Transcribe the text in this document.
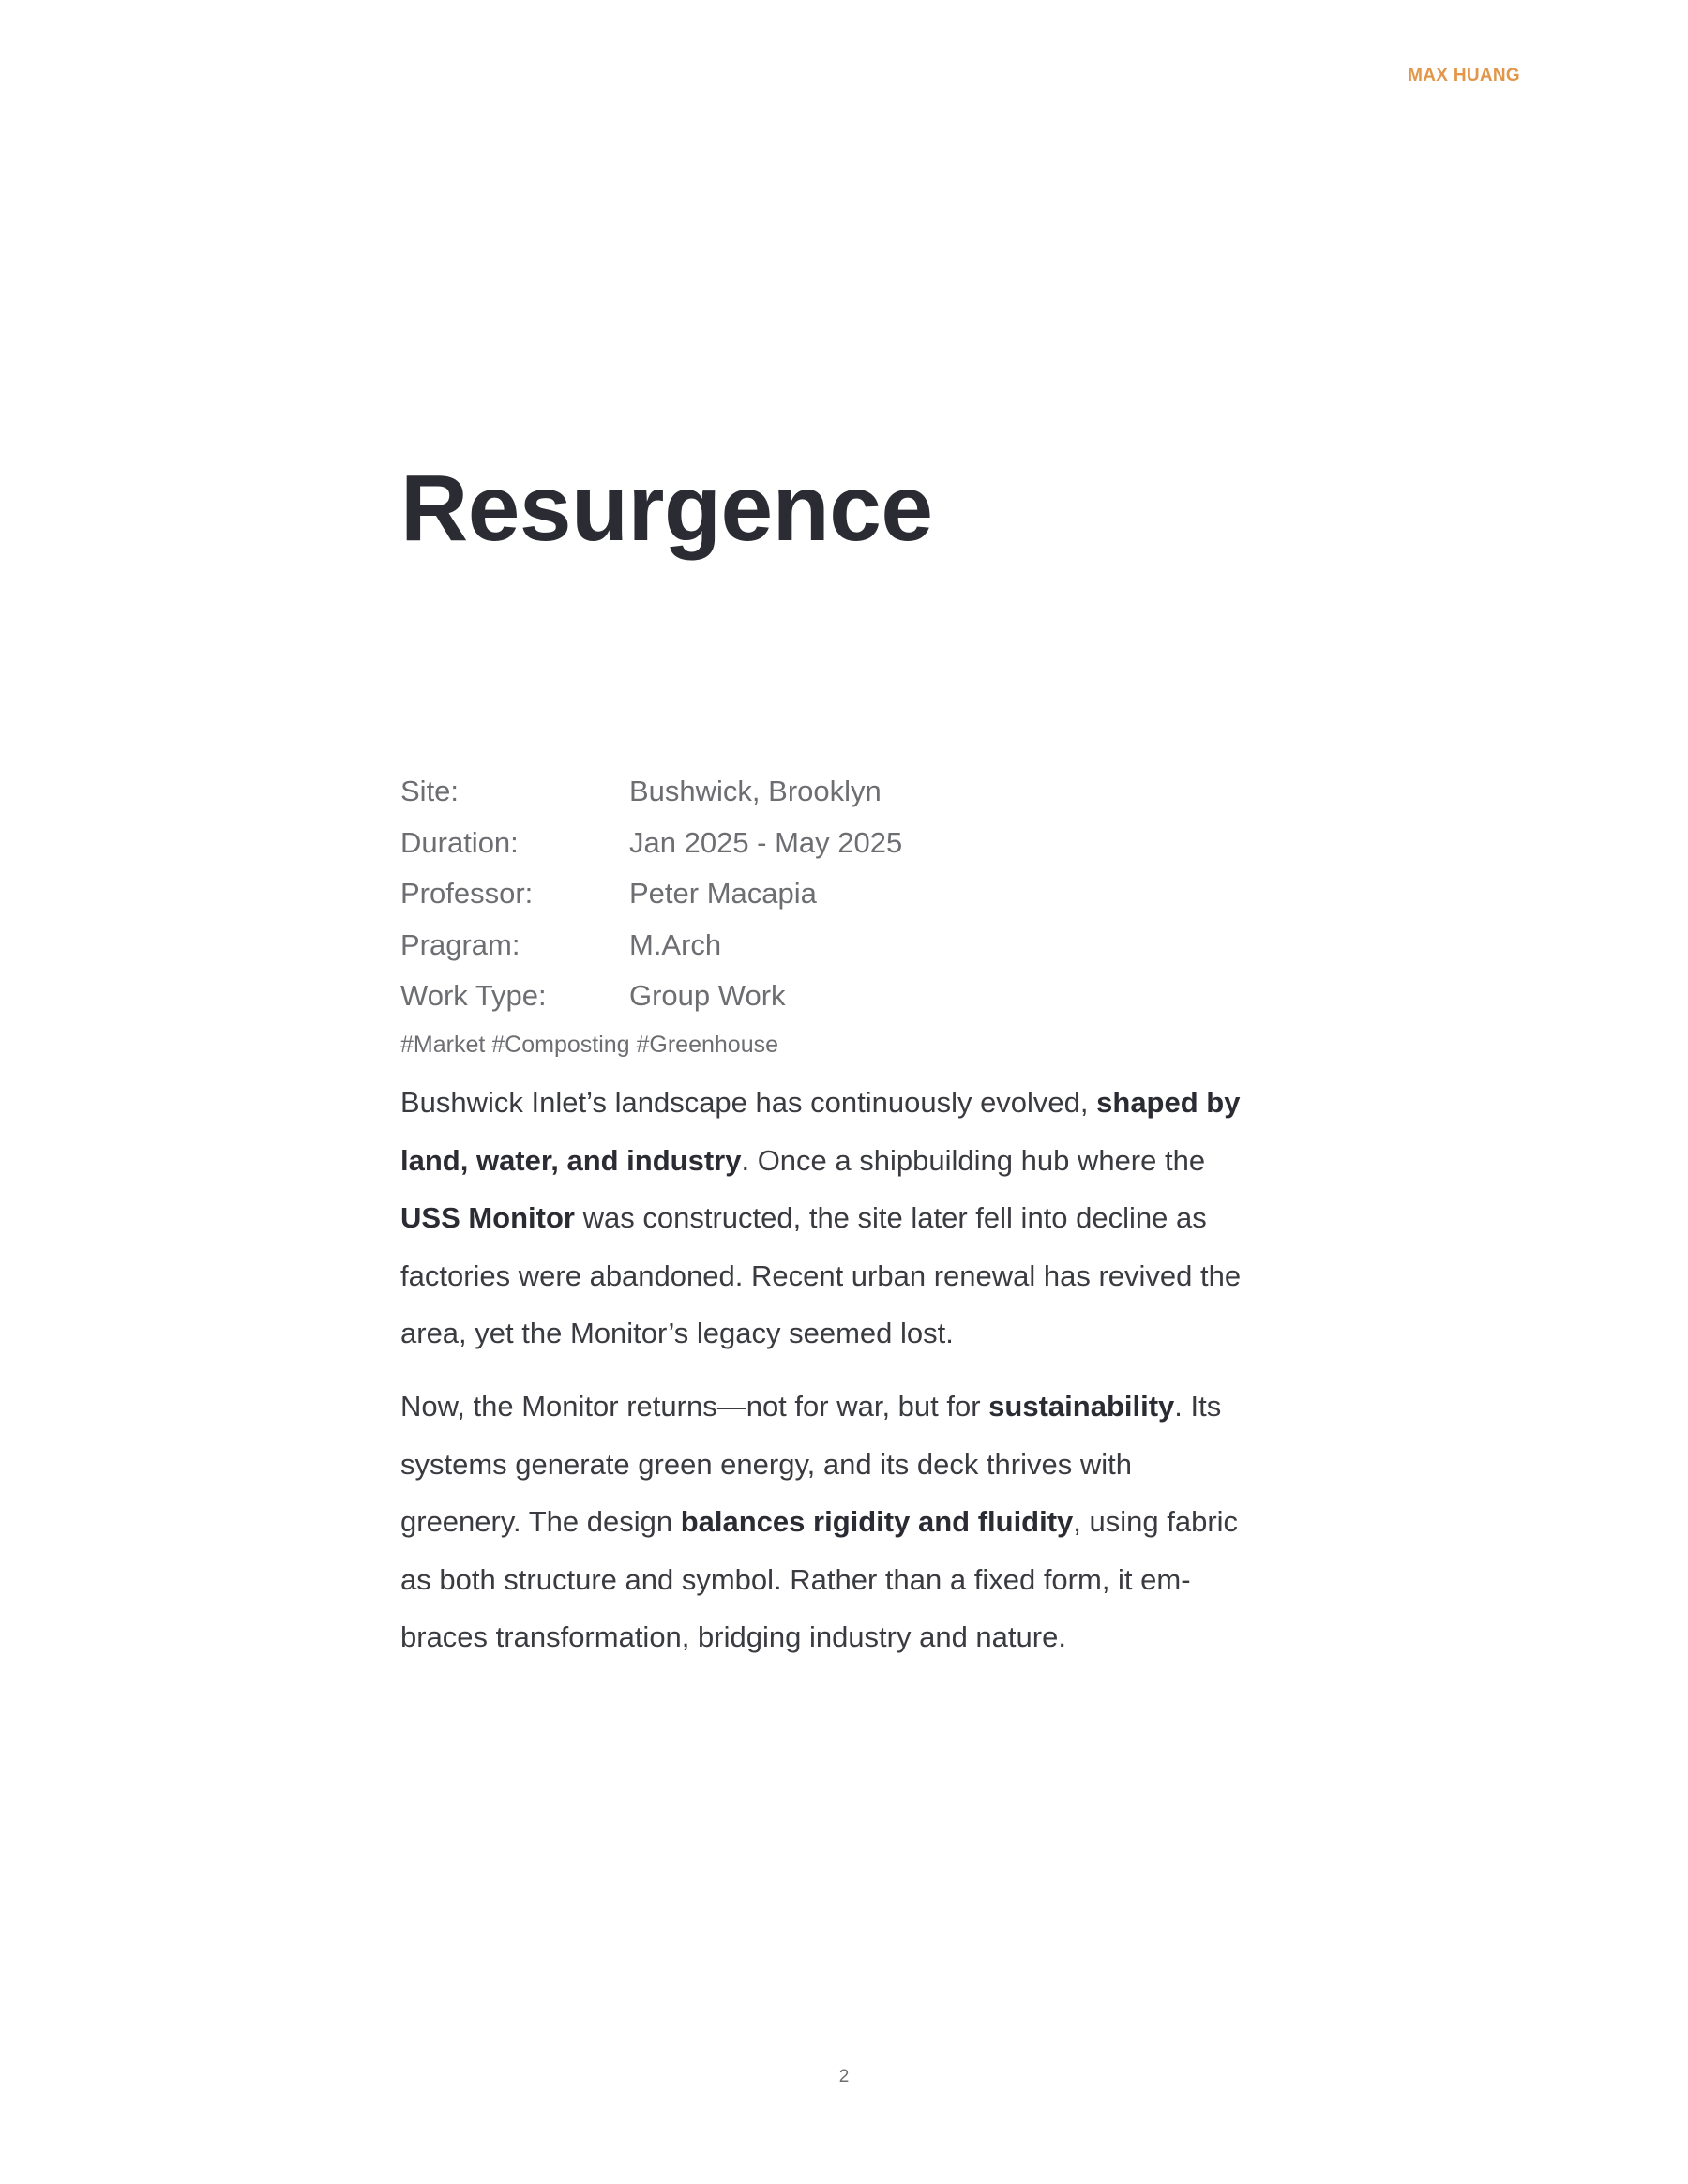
MAX HUANG
Resurgence
Site:	Bushwick, Brooklyn
Duration:	Jan 2025 - May 2025
Professor:	Peter Macapia
Pragram:	M.Arch
Work Type:	Group Work
#Market #Composting #Greenhouse

Bushwick Inlet’s landscape has continuously evolved, shaped by
land, water, and industry. Once a shipbuilding hub where the
USS Monitor was constructed, the site later fell into decline as
factories were abandoned. Recent urban renewal has revived the
area, yet the Monitor’s legacy seemed lost.

Now, the Monitor returns—not for war, but for sustainability. Its
systems generate green energy, and its deck thrives with
greenery. The design balances rigidity and fluidity, using fabric
as both structure and symbol. Rather than a fixed form, it em-
braces transformation, bridging industry and nature.

2
